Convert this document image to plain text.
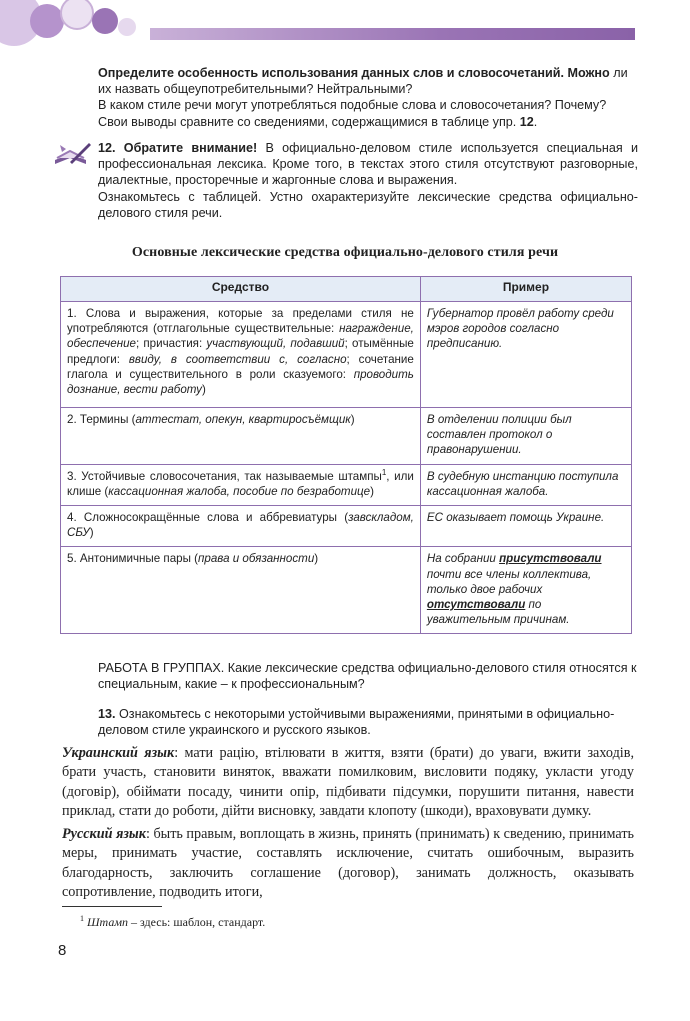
Определите особенность использования данных слов и словосочетаний. Можно ли их назвать общеупотребительными? Нейтральными?
В каком стиле речи могут употребляться подобные слова и словосочетания? Почему? Свои выводы сравните со сведениями, содержащимися в таблице упр. 12.

12. Обратите внимание! В официально-деловом стиле используется специальная и профессиональная лексика. Кроме того, в текстах этого стиля отсутствуют разговорные, диалектные, просторечные и жаргонные слова и выражения.
Ознакомьтесь с таблицей. Устно охарактеризуйте лексические средства официально-делового стиля речи.

Основные лексические средства официально-делового стиля речи
Средство	Пример
1. Слова и выражения, которые за пределами стиля не употребляются (отглагольные существительные: награждение, обеспечение; причастия: участвующий, подавший; отымённые предлоги: ввиду, в соответствии с, согласно; сочетание глагола и существительного в роли сказуемого: проводить дознание, вести работу)	Губернатор провёл работу среди мэров городов согласно предписанию.
2. Термины (аттестат, опекун, квартиросъёмщик)	В отделении полиции был составлен протокол о правонарушении.
3. Устойчивые словосочетания, так называемые штампы$^1$, или клише (кассационная жалоба, пособие по безработице)	В судебную инстанцию поступила кассационная жалоба.
4. Сложносокращённые слова и аббревиатуры (завскладом, СБУ)	ЕС оказывает помощь Украине.
5. Антонимичные пары (права и обязанности)	На собрании присутствовали почти все члены коллектива, только двое рабочих отсутствовали по уважительным причинам.

РАБОТА В ГРУППАХ. Какие лексические средства официально-делового стиля относятся к специальным, какие – к профессиональным?

13. Ознакомьтесь с некоторыми устойчивыми выражениями, принятыми в официально-деловом стиле украинского и русского языков.

Украинский язык: мати рацію, втілювати в життя, взяти (брати) до уваги, вжити заходів, брати участь, становити виняток, вважати помилковим, висловити подяку, укласти угоду (договір), обіймати посаду, чинити опір, підбивати підсумки, порушити питання, навести приклад, стати до роботи, дійти висновку, завдати клопоту (шкоди), враховувати думку.

Русский язык: быть правым, воплощать в жизнь, принять (принимать) к сведению, принимать меры, принимать участие, составлять исключение, считать ошибочным, выразить благодарность, заключить соглашение (договор), занимать должность, оказывать сопротивление, подводить итоги,

$^1$ Штамп – здесь: шаблон, стандарт.

8
